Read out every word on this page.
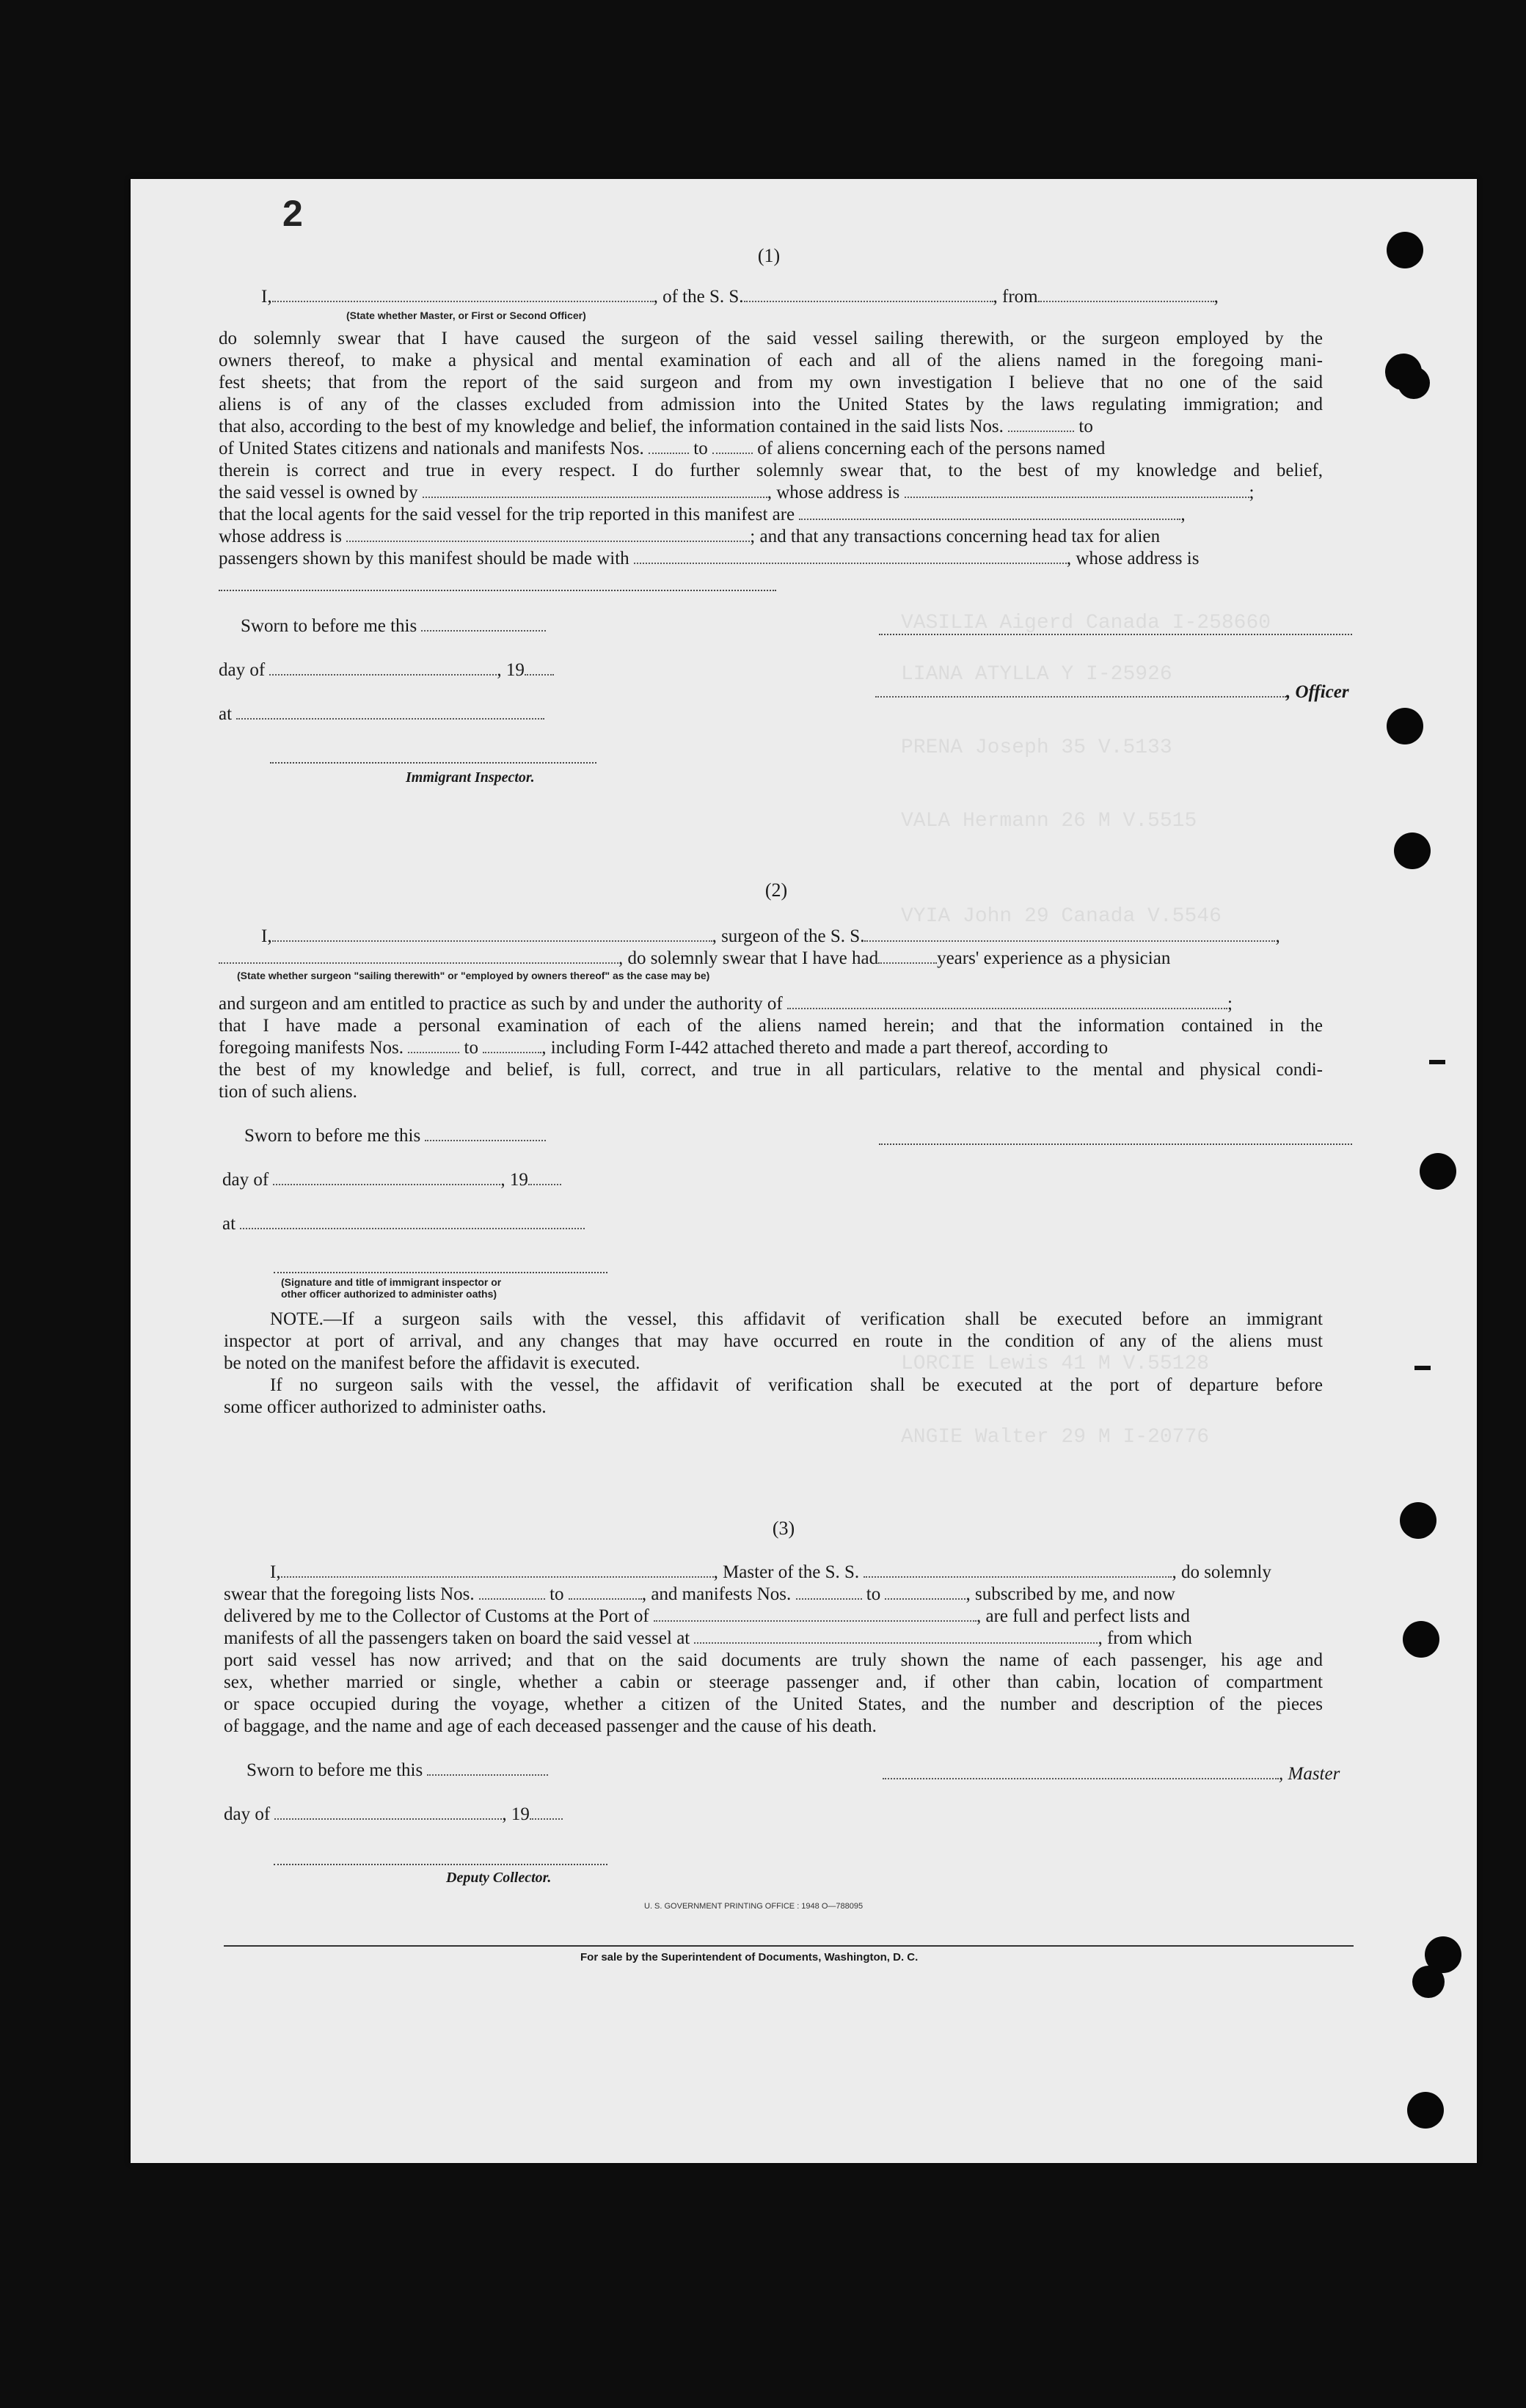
VASILIA Aigerd Canada I-258660
LIANA ATYLLA Y I-25926
PRENA Joseph 35 V.5133
VALA Hermann 26 M V.5515
VYIA John 29 Canada V.5546
LORCIE Lewis 41 M V.55128
ANGIE Walter 29 M I-20776
2
(1)
I,	, of the S. S.	, from	,
(State whether Master, or First or Second Officer)
do solemnly swear that I have caused the surgeon of the said vessel sailing therewith, or the surgeon employed by the
owners thereof, to make a physical and mental examination of each and all of the aliens named in the foregoing mani-
fest sheets; that from the report of the said surgeon and from my own investigation I believe that no one of the said
aliens is of any of the classes excluded from admission into the United States by the laws regulating immigration; and
that also, according to the best of my knowledge and belief, the information contained in the said lists Nos.	to
of United States citizens and nationals and manifests Nos.	to	of aliens concerning each of the persons named
therein is correct and true in every respect. I do further solemnly swear that, to the best of my knowledge and belief,
the said vessel is owned by	, whose address is	;
that the local agents for the said vessel for the trip reported in this manifest are	,
whose address is	; and that any transactions concerning head tax for alien
passengers shown by this manifest should be made with	, whose address is
Sworn to before me this
day of	, 19
, Officer
at
Immigrant Inspector.
(2)
I,	, surgeon of the S. S.	,
, do solemnly swear that I have had	years' experience as a physician
(State whether surgeon "sailing therewith" or "employed by owners thereof" as the case may be)
and surgeon and am entitled to practice as such by and under the authority of	;
that I have made a personal examination of each of the aliens named herein; and that the information contained in the
foregoing manifests Nos.	to	, including Form I-442 attached thereto and made a part thereof, according to
the best of my knowledge and belief, is full, correct, and true in all particulars, relative to the mental and physical condi-
tion of such aliens.
Sworn to before me this
day of	, 19
at
(Signature and title of immigrant inspector or
other officer authorized to administer oaths)
NOTE.—If a surgeon sails with the vessel, this affidavit of verification shall be executed before an immigrant
inspector at port of arrival, and any changes that may have occurred en route in the condition of any of the aliens must
be noted on the manifest before the affidavit is executed.
If no surgeon sails with the vessel, the affidavit of verification shall be executed at the port of departure before
some officer authorized to administer oaths.
(3)
I,	, Master of the S. S.	, do solemnly
swear that the foregoing lists Nos.	to	, and manifests Nos.	to	, subscribed by me, and now
delivered by me to the Collector of Customs at the Port of	, are full and perfect lists and
manifests of all the passengers taken on board the said vessel at	, from which
port said vessel has now arrived; and that on the said documents are truly shown the name of each passenger, his age and
sex, whether married or single, whether a cabin or steerage passenger and, if other than cabin, location of compartment
or space occupied during the voyage, whether a citizen of the United States, and the number and description of the pieces
of baggage, and the name and age of each deceased passenger and the cause of his death.
Sworn to before me this	, Master
day of	, 19
Deputy Collector.
U. S. GOVERNMENT PRINTING OFFICE : 1948 O—788095
For sale by the Superintendent of Documents, Washington, D. C.
